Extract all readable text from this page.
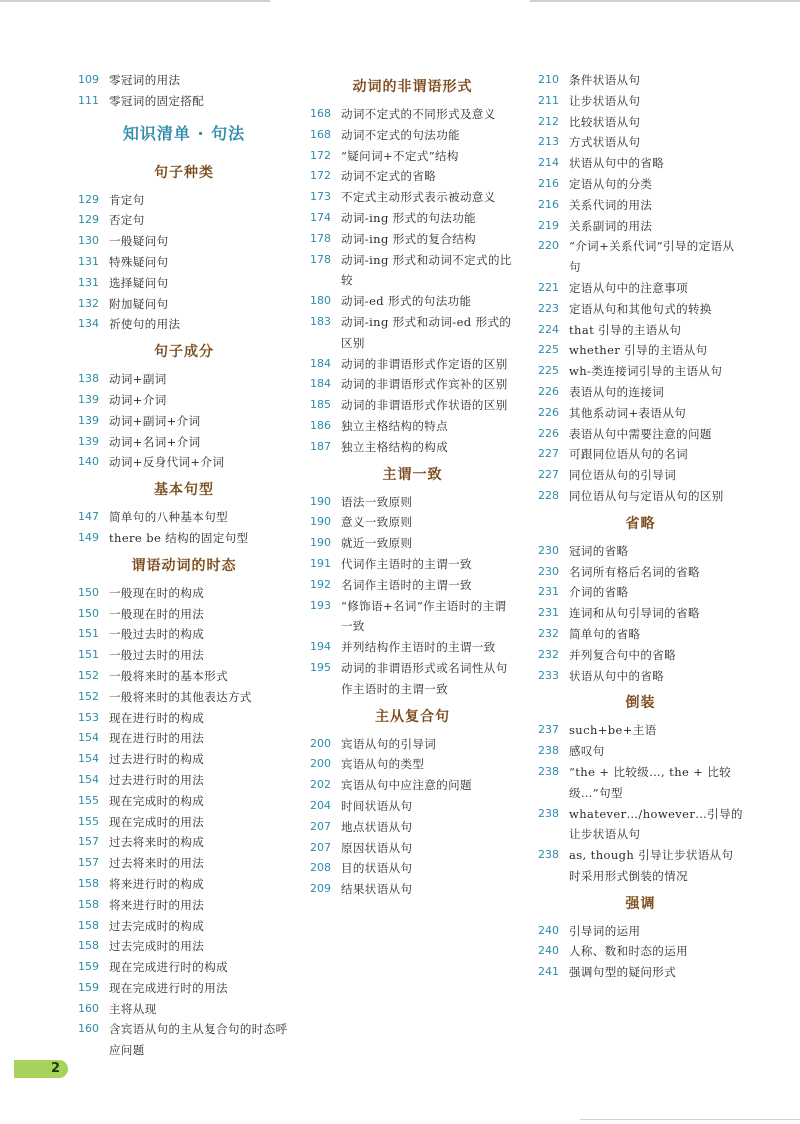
109 零冠词的用法
111 零冠词的固定搭配
知识清单 · 句法
句子种类
129 肯定句
129 否定句
130 一般疑问句
131 特殊疑问句
131 选择疑问句
132 附加疑问句
134 祈使句的用法
句子成分
138 动词+副词
139 动词+介词
139 动词+副词+介词
139 动词+名词+介词
140 动词+反身代词+介词
基本句型
147 简单句的八种基本句型
149 there be 结构的固定句型
谓语动词的时态
150 一般现在时的构成
150 一般现在时的用法
151 一般过去时的构成
151 一般过去时的用法
152 一般将来时的基本形式
152 一般将来时的其他表达方式
153 现在进行时的构成
154 现在进行时的用法
154 过去进行时的构成
154 过去进行时的用法
155 现在完成时的构成
155 现在完成时的用法
157 过去将来时的构成
157 过去将来时的用法
158 将来进行时的构成
158 将来进行时的用法
158 过去完成时的构成
158 过去完成时的用法
159 现在完成进行时的构成
159 现在完成进行时的用法
160 主将从现
160 含宾语从句的主从复合句的时态呼应问题
动词的非谓语形式
168 动词不定式的不同形式及意义
168 动词不定式的句法功能
172 “疑问词+不定式”结构
172 动词不定式的省略
173 不定式主动形式表示被动意义
174 动词-ing 形式的句法功能
178 动词-ing 形式的复合结构
178 动词-ing 形式和动词不定式的比较
180 动词-ed 形式的句法功能
183 动词-ing 形式和动词-ed 形式的区别
184 动词的非谓语形式作定语的区别
184 动词的非谓语形式作宾补的区别
185 动词的非谓语形式作状语的区别
186 独立主格结构的特点
187 独立主格结构的构成
主谓一致
190 语法一致原则
190 意义一致原则
190 就近一致原则
191 代词作主语时的主谓一致
192 名词作主语时的主谓一致
193 “修饰语+名词”作主语时的主谓一致
194 并列结构作主语时的主谓一致
195 动词的非谓语形式或名词性从句作主语时的主谓一致
主从复合句
200 宾语从句的引导词
200 宾语从句的类型
202 宾语从句中应注意的问题
204 时间状语从句
207 地点状语从句
207 原因状语从句
208 目的状语从句
209 结果状语从句
210 条件状语从句
211 让步状语从句
212 比较状语从句
213 方式状语从句
214 状语从句中的省略
216 定语从句的分类
216 关系代词的用法
219 关系副词的用法
220 “介词+关系代词”引导的定语从句
221 定语从句中的注意事项
223 定语从句和其他句式的转换
224 that 引导的主语从句
225 whether 引导的主语从句
225 wh-类连接词引导的主语从句
226 表语从句的连接词
226 其他系动词+表语从句
226 表语从句中需要注意的问题
227 可跟同位语从句的名词
227 同位语从句的引导词
228 同位语从句与定语从句的区别
省略
230 冠词的省略
230 名词所有格后名词的省略
231 介词的省略
231 连词和从句引导词的省略
232 简单句的省略
232 并列复合句中的省略
233 状语从句中的省略
倒装
237 such+be+主语
238 感叹句
238 “the + 比较级…, the + 比较级…”句型
238 whatever…/however…引导的让步状语从句
238 as, though 引导让步状语从句时采用形式倒装的情况
强调
240 引导词的运用
240 人称、数和时态的运用
241 强调句型的疑问形式
2
